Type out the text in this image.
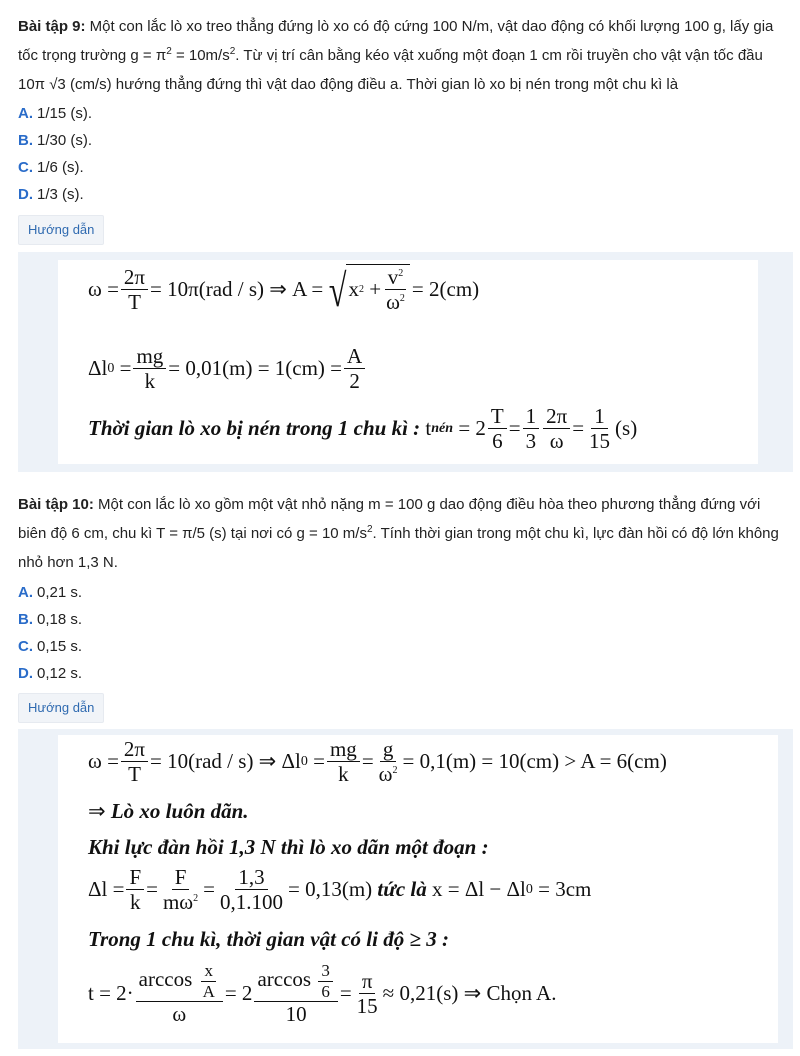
Bài tập 9: Một con lắc lò xo treo thẳng đứng lò xo có độ cứng 100 N/m, vật dao động có khối lượng 100 g, lấy gia
tốc trọng trường $g = \pi^2 = 10m/s^2$. Từ vị trí cân bằng kéo vật xuống một đoạn 1 cm rồi truyền cho vật vận tốc đầu
10π √3 (cm/s) hướng thẳng đứng thì vật dao động điều a. Thời gian lò xo bị nén trong một chu kì là
A. 1/15 (s).
B. 1/30 (s).
C. 1/6 (s).
D. 1/3 (s).
Hướng dẫn
$\omega = \frac{2\pi}{T} = 10\pi(rad / s)$ ⇒ A = √ x 2
+ $\frac{v^2}{\omega^2} = 2(cm)$
Δl 0
= $\frac{mg}{k} = 0,01(m) = 1(cm) = \frac{A}{2}$
Thời gian lò xo bị nén trong 1 chu kì :
t nén
= $2 \frac{T}{6} = \frac{1}{3} \frac{2\pi}{\omega} = \frac{1}{15} (s)$
Bài tập 10: Một con lắc lò xo gồm một vật nhỏ nặng m = 100 g dao động điều hòa theo phương thẳng đứng với
biên độ 6 cm, chu kì T = π/5 (s) tại nơi có g = 10 $m/s^2$. Tính thời gian trong một chu kì, lực đàn hồi có độ lớn không
nhỏ hơn 1,3 N.
A. 0,21 s.
B. 0,18 s.
C. 0,15 s.
D. 0,12 s.
Hướng dẫn
$\omega = \frac{2\pi}{T} = 10(rad / s)$ ⇒ Δl 0
= $\frac{mg}{k} = \frac{g}{\omega^2} = 0,1(m) = 10(cm) > A = 6(cm)$
⇒
Lò xo luôn dãn.
Khi lực đàn hồi 1,3 N thì lò xo dãn một đoạn :
$\Delta l = \frac{F}{k} = \frac{F}{m\omega^2} = \frac{1,3}{0,1.100} = 0,13(m)$
tức là
x = Δl − Δl 0
= 3cm
Trong 1 chu kì, thời gian vật có li độ ≥ 3 :
$t = 2\cdot \frac{\arccos \frac{x}{A}}{\omega} = 2 \frac{\arccos \frac{3}{6}}{10} = \frac{\pi}{15} \approx 0,21(s)$ ⇒ Chọn A.
